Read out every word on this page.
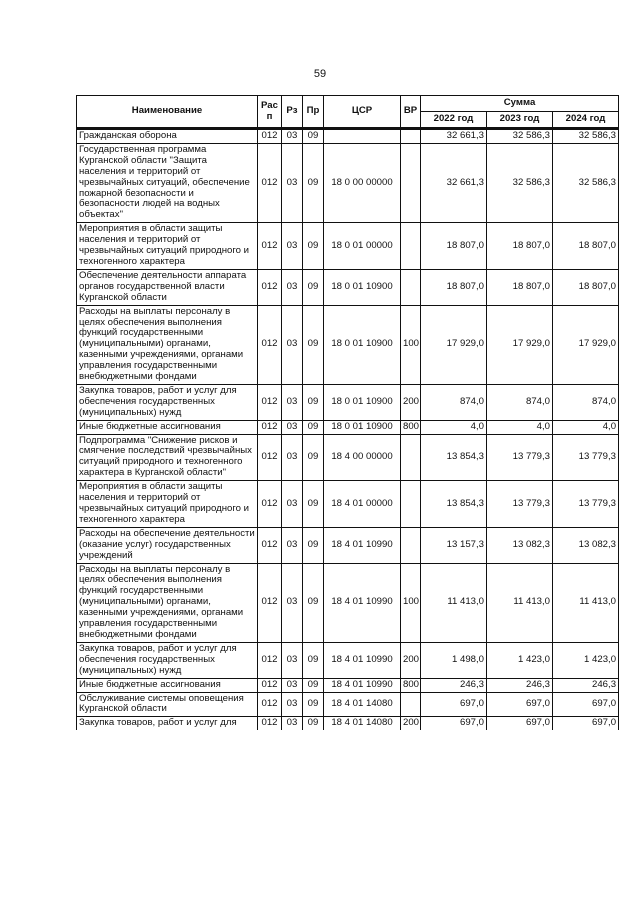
59
Наименование	Рас п	Рз	Пр	ЦСР	ВР	Сумма		
						2022 год	2023 год	2024 год
Гражданская оборона	012	03	09			32 661,3	32 586,3	32 586,3
Государственная программа Курганской области "Защита населения и территорий от чрезвычайных ситуаций, обеспечение пожарной безопасности и безопасности людей на водных объектах"	012	03	09	18 0 00 00000		32 661,3	32 586,3	32 586,3
Мероприятия в области защиты населения и территорий от чрезвычайных ситуаций природного и техногенного характера	012	03	09	18 0 01 00000		18 807,0	18 807,0	18 807,0
Обеспечение деятельности аппарата органов государственной власти Курганской области	012	03	09	18 0 01 10900		18 807,0	18 807,0	18 807,0
Расходы на выплаты персоналу в целях обеспечения выполнения функций государственными (муниципальными) органами, казенными учреждениями, органами управления государственными внебюджетными фондами	012	03	09	18 0 01 10900	100	17 929,0	17 929,0	17 929,0
Закупка товаров, работ и услуг для обеспечения государственных (муниципальных) нужд	012	03	09	18 0 01 10900	200	874,0	874,0	874,0
Иные бюджетные ассигнования	012	03	09	18 0 01 10900	800	4,0	4,0	4,0
Подпрограмма "Снижение рисков и смягчение последствий чрезвычайных ситуаций природного и техногенного характера в Курганской области"	012	03	09	18 4 00 00000		13 854,3	13 779,3	13 779,3
Мероприятия в области защиты населения и территорий от чрезвычайных ситуаций природного и техногенного характера	012	03	09	18 4 01 00000		13 854,3	13 779,3	13 779,3
Расходы на обеспечение деятельности (оказание услуг) государственных учреждений	012	03	09	18 4 01 10990		13 157,3	13 082,3	13 082,3
Расходы на выплаты персоналу в целях обеспечения выполнения функций государственными (муниципальными) органами, казенными учреждениями, органами управления государственными внебюджетными фондами	012	03	09	18 4 01 10990	100	11 413,0	11 413,0	11 413,0
Закупка товаров, работ и услуг для обеспечения государственных (муниципальных) нужд	012	03	09	18 4 01 10990	200	1 498,0	1 423,0	1 423,0
Иные бюджетные ассигнования	012	03	09	18 4 01 10990	800	246,3	246,3	246,3
Обслуживание системы оповещения Курганской области	012	03	09	18 4 01 14080		697,0	697,0	697,0
Закупка товаров, работ и услуг для	012	03	09	18 4 01 14080	200	697,0	697,0	697,0
